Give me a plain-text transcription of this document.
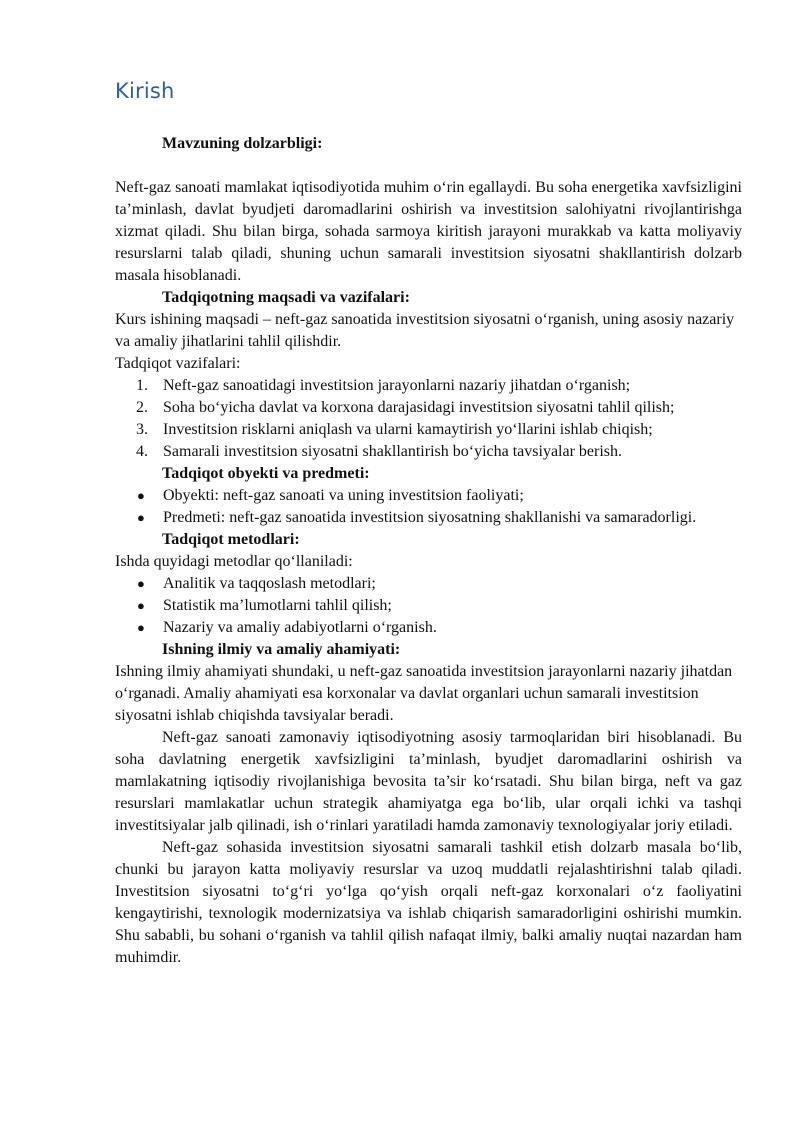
Kirish

Mavzuning dolzarbligi:

Neft-gaz sanoati mamlakat iqtisodiyotida muhim o‘rin egallaydi. Bu soha energetika xavfsizligini ta’minlash, davlat byudjeti daromadlarini oshirish va investitsion salohiyatni rivojlantirishga xizmat qiladi. Shu bilan birga, sohada sarmoya kiritish jarayoni murakkab va katta moliyaviy resurslarni talab qiladi, shuning uchun samarali investitsion siyosatni shakllantirish dolzarb masala hisoblanadi.

Tadqiqotning maqsadi va vazifalari:

Kurs ishining maqsadi – neft-gaz sanoatida investitsion siyosatni o‘rganish, uning asosiy nazariy va amaliy jihatlarini tahlil qilishdir.

Tadqiqot vazifalari:

1. Neft-gaz sanoatidagi investitsion jarayonlarni nazariy jihatdan o‘rganish;
2. Soha bo‘yicha davlat va korxona darajasidagi investitsion siyosatni tahlil qilish;
3. Investitsion risklarni aniqlash va ularni kamaytirish yo‘llarini ishlab chiqish;
4. Samarali investitsion siyosatni shakllantirish bo‘yicha tavsiyalar berish.

Tadqiqot obyekti va predmeti:

● Obyekti: neft-gaz sanoati va uning investitsion faoliyati;
● Predmeti: neft-gaz sanoatida investitsion siyosatning shakllanishi va samaradorligi.

Tadqiqot metodlari:

Ishda quyidagi metodlar qo‘llaniladi:

● Analitik va taqqoslash metodlari;
● Statistik ma’lumotlarni tahlil qilish;
● Nazariy va amaliy adabiyotlarni o‘rganish.

Ishning ilmiy va amaliy ahamiyati:

Ishning ilmiy ahamiyati shundaki, u neft-gaz sanoatida investitsion jarayonlarni nazariy jihatdan o‘rganadi. Amaliy ahamiyati esa korxonalar va davlat organlari uchun samarali investitsion siyosatni ishlab chiqishda tavsiyalar beradi.

Neft-gaz sanoati zamonaviy iqtisodiyotning asosiy tarmoqlaridan biri hisoblanadi. Bu soha davlatning energetik xavfsizligini ta’minlash, byudjet daromadlarini oshirish va mamlakatning iqtisodiy rivojlanishiga bevosita ta’sir ko‘rsatadi. Shu bilan birga, neft va gaz resurslari mamlakatlar uchun strategik ahamiyatga ega bo‘lib, ular orqali ichki va tashqi investitsiyalar jalb qilinadi, ish o‘rinlari yaratiladi hamda zamonaviy texnologiyalar joriy etiladi.

Neft-gaz sohasida investitsion siyosatni samarali tashkil etish dolzarb masala bo‘lib, chunki bu jarayon katta moliyaviy resurslar va uzoq muddatli rejalashtirishni talab qiladi. Investitsion siyosatni to‘g‘ri yo‘lga qo‘yish orqali neft-gaz korxonalari o‘z faoliyatini kengaytirishi, texnologik modernizatsiya va ishlab chiqarish samaradorligini oshirishi mumkin. Shu sababli, bu sohani o‘rganish va tahlil qilish nafaqat ilmiy, balki amaliy nuqtai nazardan ham muhimdir.
